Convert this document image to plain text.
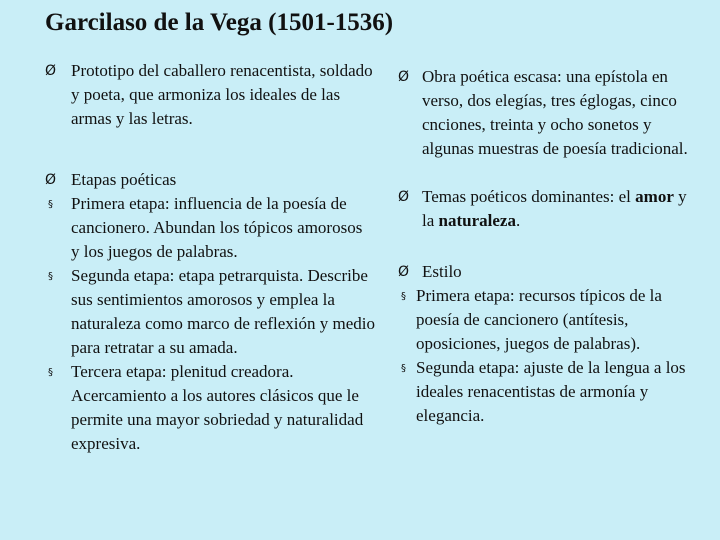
Garcilaso de la Vega (1501-1536)
Ø Prototipo del caballero renacentista, soldado y poeta, que armoniza los ideales de las armas y las letras.
Ø Etapas poéticas
§	Primera etapa: influencia de la poesía de cancionero. Abundan los tópicos amorosos y los juegos de palabras.
§	Segunda etapa: etapa petrarquista. Describe sus sentimientos amorosos y emplea la naturaleza como marco de reflexión y medio para retratar a su amada.
§	Tercera etapa: plenitud creadora. Acercamiento a los autores clásicos que le permite una mayor sobriedad y naturalidad expresiva.
Ø Obra poética escasa: una epístola en verso, dos elegías, tres églogas, cinco cnciones, treinta y ocho sonetos y algunas muestras de poesía tradicional.
Ø Temas poéticos dominantes: el amor y la naturaleza.
Ø Estilo
§ Primera etapa: recursos típicos de la poesía de cancionero (antítesis, oposiciones, juegos de palabras).
§ Segunda etapa: ajuste de la lengua a los ideales renacentistas de armonía y elegancia.
